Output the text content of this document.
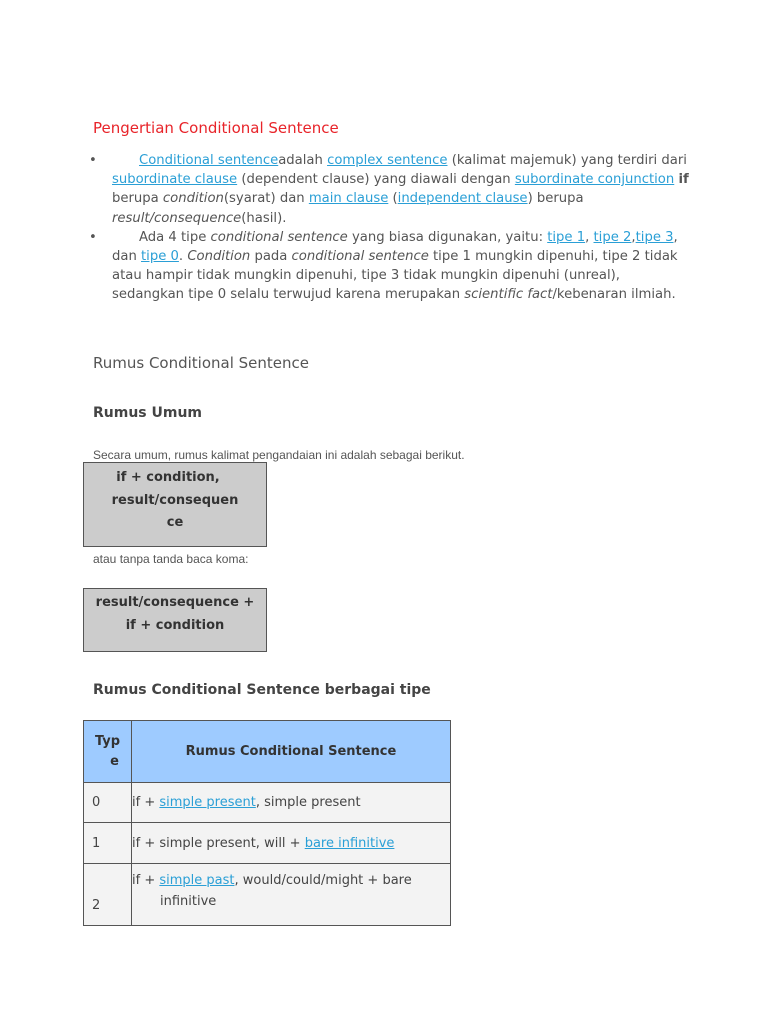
Pengertian Conditional Sentence
•	Conditional sentenceadalah complex sentence (kalimat majemuk) yang terdiri dari subordinate clause (dependent clause) yang diawali dengan subordinate conjunction if berupa condition(syarat) dan main clause (independent clause) berupa result/consequence(hasil).
•	Ada 4 tipe conditional sentence yang biasa digunakan, yaitu: tipe 1, tipe 2,tipe 3, dan tipe 0. Condition pada conditional sentence tipe 1 mungkin dipenuhi, tipe 2 tidak atau hampir tidak mungkin dipenuhi, tipe 3 tidak mungkin dipenuhi (unreal), sedangkan tipe 0 selalu terwujud karena merupakan scientific fact/kebenaran ilmiah.
Rumus Conditional Sentence
Rumus Umum
Secara umum, rumus kalimat pengandaian ini adalah sebagai berikut.
if + condition,
result/consequen
ce
atau tanpa tanda baca koma:
result/consequence +
if + condition
Rumus Conditional Sentence berbagai tipe
Typ
e	Rumus Conditional Sentence
0	if + simple present, simple present
1	if + simple present, will + bare infinitive
2	if + simple past, would/could/might + bare
infinitive
